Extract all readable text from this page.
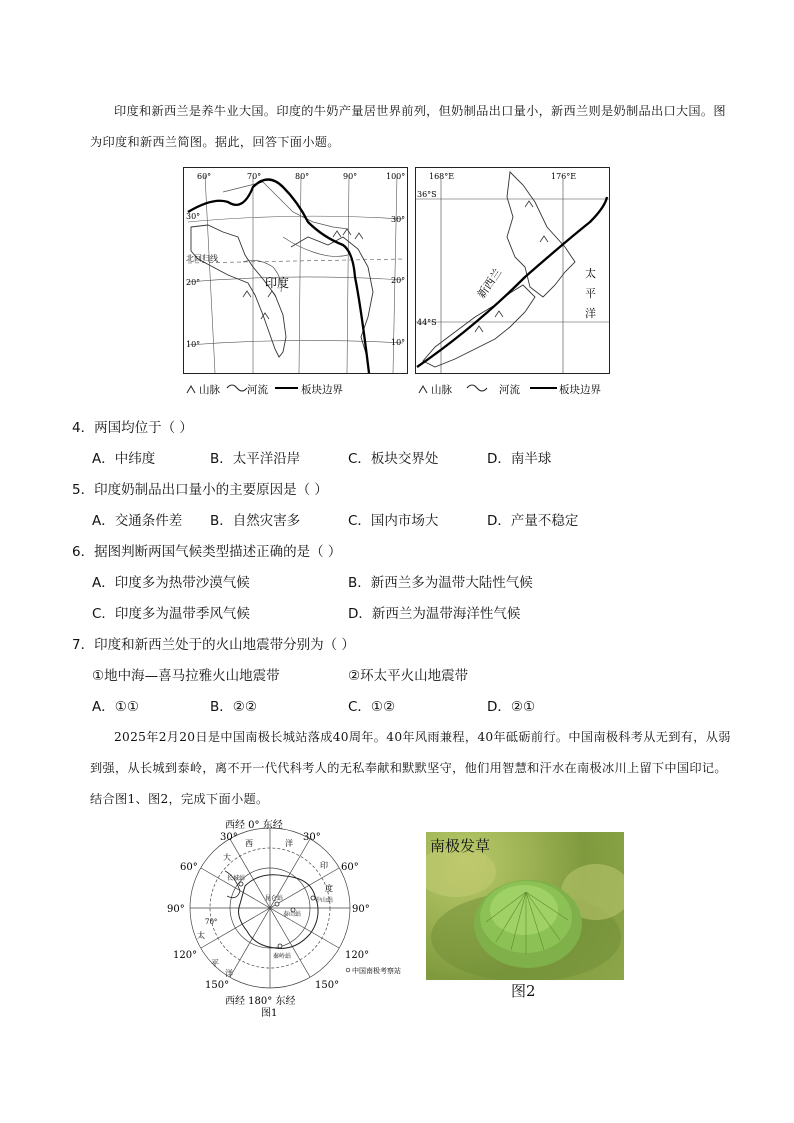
印度和新西兰是养牛业大国。印度的牛奶产量居世界前列，但奶制品出口量小，新西兰则是奶制品出口大国。图为印度和新西兰简图。据此，回答下面小题。

60°	70°	80°	90°	100°
30°	30°
20°	20°
10°	10°
北回归线
印度
山脉	河流	板块边界
168°E	176°E
36°S
44°S
新西兰	太
平
洋
山脉	河流	板块边界
4．两国均位于（ ）
A．中纬度	B．太平洋沿岸	C．板块交界处	D．南半球
5．印度奶制品出口量小的主要原因是（ ）
A．交通条件差 B．自然灾害多	C．国内市场大	D．产量不稳定
6．据图判断两国气候类型描述正确的是（ ）
A．印度多为热带沙漠气候	B．新西兰多为温带大陆性气候
C．印度多为温带季风气候	D．新西兰为温带海洋性气候
7．印度和新西兰处于的火山地震带分别为（ ）
①地中海—喜马拉雅火山地震带	②环太平火山地震带
A．①①	B．②②	C．①②	D．②①

2025年2月20日是中国南极长城站落成40周年。40年风雨兼程，40年砥砺前行。中国南极科考从无到有，从弱到强，从长城到泰岭，离不开一代代科考人的无私奉献和默默坚守，他们用智慧和汗水在南极冰川上留下中国印记。结合图1、图2，完成下面小题。

西经 0° 东经
西经 180° 东经
30°
60°
90°
120°
150°
30°
60°
90°
120°
150°
70°
大
西	洋
印
度
太
平
洋
长城站
中山站
昆仑站
泰山站
秦岭站
中国南极考察站
图1
南极发草
图2
